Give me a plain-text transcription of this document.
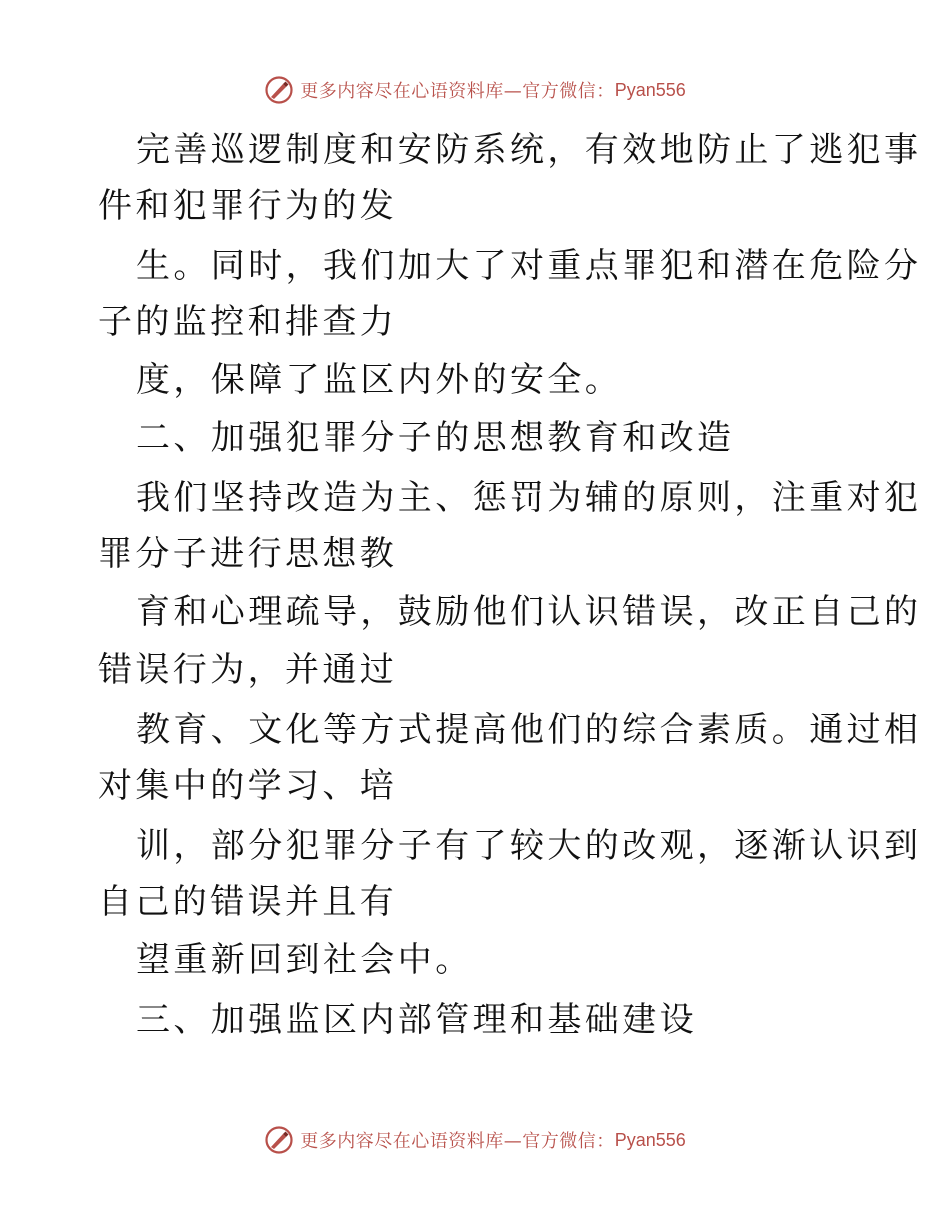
更多内容尽在心语资料库—官方微信： Pyan556
完善巡逻制度和安防系统，有效地防止了逃犯事
件和犯罪行为的发
生。同时，我们加大了对重点罪犯和潜在危险分
子的监控和排查力
度，保障了监区内外的安全。
二、加强犯罪分子的思想教育和改造
我们坚持改造为主、惩罚为辅的原则，注重对犯
罪分子进行思想教
育和心理疏导，鼓励他们认识错误，改正自己的
错误行为，并通过
教育、文化等方式提高他们的综合素质。通过相
对集中的学习、培
训，部分犯罪分子有了较大的改观，逐渐认识到
自己的错误并且有
望重新回到社会中。
三、加强监区内部管理和基础建设
更多内容尽在心语资料库—官方微信： Pyan556
